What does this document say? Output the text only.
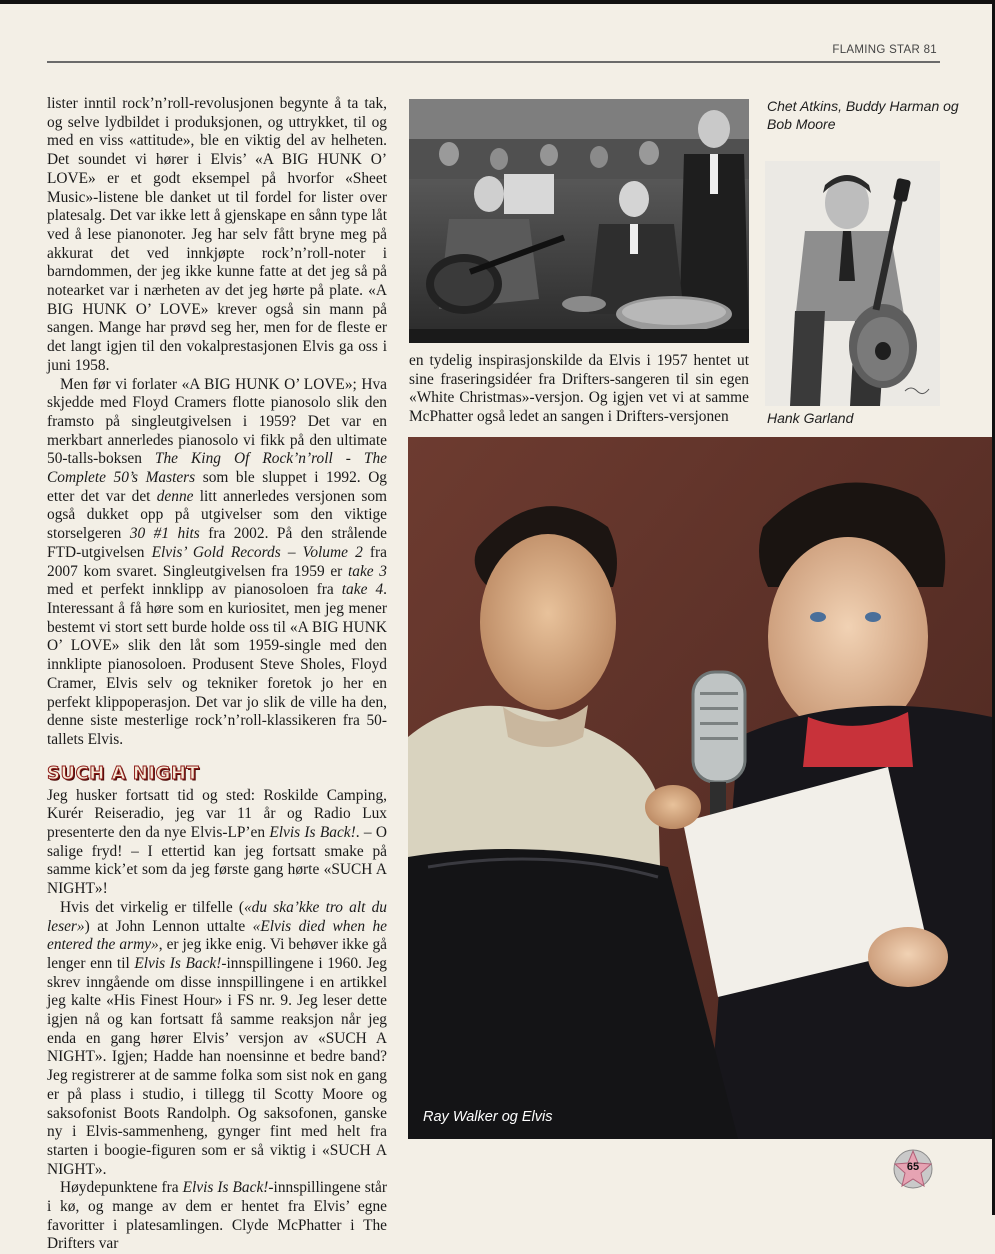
FLAMING STAR 81

lister inntil rock’n’roll-revolusjonen begynte å ta tak, og selve lydbildet i produksjonen, og uttrykket, til og med en viss «attitude», ble en viktig del av helheten. Det soundet vi hører i Elvis’ «A BIG HUNK O’ LOVE» er et godt eksempel på hvorfor «Sheet Music»-listene ble danket ut til fordel for lister over platesalg. Det var ikke lett å gjenskape en sånn type låt ved å lese pianonoter. Jeg har selv fått bryne meg på akkurat det ved innkjøpte rock’n’roll-noter i barndommen, der jeg ikke kunne fatte at det jeg så på notearket var i nærheten av det jeg hørte på plate. «A BIG HUNK O’ LOVE» krever også sin mann på sangen. Mange har prøvd seg her, men for de fleste er det langt igjen til den vokalprestasjonen Elvis ga oss i juni 1958.

Men før vi forlater «A BIG HUNK O’ LOVE»; Hva skjedde med Floyd Cramers flotte pianosolo slik den framsto på singleutgivelsen i 1959? Det var en merkbart annerledes pianosolo vi fikk på den ultimate 50-talls-boksen The King Of Rock’n’roll - The Complete 50’s Masters som ble sluppet i 1992. Og etter det var det denne litt annerledes versjonen som også dukket opp på utgivelser som den viktige storselgeren 30 #1 hits fra 2002. På den strålende FTD-utgivelsen Elvis’ Gold Records – Volume 2 fra 2007 kom svaret. Singleutgivelsen fra 1959 er take 3 med et perfekt innklipp av pianosoloen fra take 4. Interessant å få høre som en kuriositet, men jeg mener bestemt vi stort sett burde holde oss til «A BIG HUNK O’ LOVE» slik den låt som 1959-single med den innklipte pianosoloen. Produsent Steve Sholes, Floyd Cramer, Elvis selv og tekniker foretok jo her en perfekt klippoperasjon. Det var jo slik de ville ha den, denne siste mesterlige rock’n’roll-klassikeren fra 50-tallets Elvis.

SUCH A NIGHT

Jeg husker fortsatt tid og sted: Roskilde Camping, Kurér Reiseradio, jeg var 11 år og Radio Lux presenterte den da nye Elvis-LP’en Elvis Is Back!. – O salige fryd! – I ettertid kan jeg fortsatt smake på samme kick’et som da jeg første gang hørte «SUCH A NIGHT»!

Hvis det virkelig er tilfelle («du ska’kke tro alt du leser») at John Lennon uttalte «Elvis died when he entered the army», er jeg ikke enig. Vi behøver ikke gå lenger enn til Elvis Is Back!-innspillingene i 1960. Jeg skrev inngående om disse innspillingene i en artikkel jeg kalte «His Finest Hour» i FS nr. 9. Jeg leser dette igjen nå og kan fortsatt få samme reaksjon når jeg enda en gang hører Elvis’ versjon av «SUCH A NIGHT». Igjen; Hadde han noensinne et bedre band? Jeg registrerer at de samme folka som sist nok en gang er på plass i studio, i tillegg til Scotty Moore og saksofonist Boots Randolph. Og saksofonen, ganske ny i Elvis-sammenheng, gynger fint med helt fra starten i boogie-figuren som er så viktig i «SUCH A NIGHT».

Høydepunktene fra Elvis Is Back!-innspillingene står i kø, og mange av dem er hentet fra Elvis’ egne favoritter i platesamlingen. Clyde McPhatter i The Drifters var

Chet Atkins, Buddy Harman og Bob Moore
Hank Garland

en tydelig inspirasjonskilde da Elvis i 1957 hentet ut sine fraseringsidéer fra Drifters-sangeren til sin egen «White Christmas»-versjon. Og igjen vet vi at samme McPhatter også ledet an sangen i Drifters-versjonen

Ray Walker og Elvis
65
